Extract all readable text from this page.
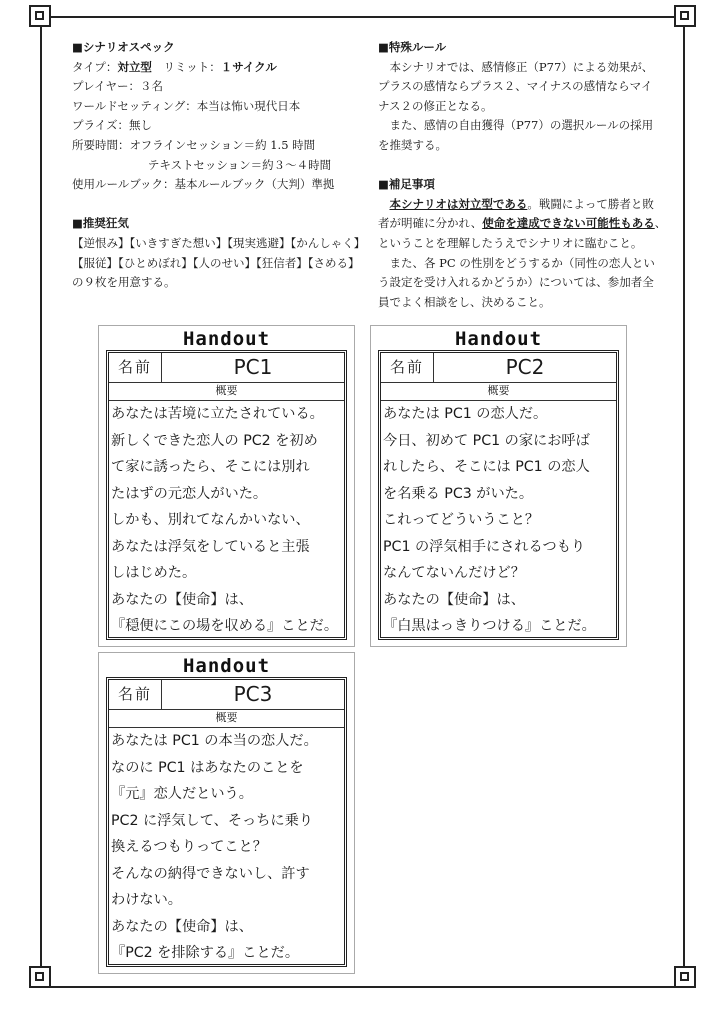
■シナリオスペック
タイプ：対立型　 リミット：１サイクル
プレイヤー：３名
ワールドセッティング：本当は怖い現代日本
プライズ：無し
所要時間：オフラインセッション＝約 1.5 時間
テキストセッション＝約３～４時間
使用ルールブック：基本ルールブック（大判）準拠
■推奨狂気
【逆恨み】【いきすぎた想い】【現実逃避】【かんしゃく】
【服従】【ひとめぼれ】【人のせい】【狂信者】【さめる】
の９枚を用意する。
■特殊ルール
本シナリオでは、感情修正（P77）による効果が、
プラスの感情ならプラス２、マイナスの感情ならマイ
ナス２の修正となる。
また、感情の自由獲得（P77）の選択ルールの採用
を推奨する。
■補足事項
本シナリオは対立型である。戦闘によって勝者と敗
者が明確に分かれ、使命を達成できない可能性もある、
ということを理解したうえでシナリオに臨むこと。
また、各 PC の性別をどうするか（同性の恋人とい
う設定を受け入れるかどうか）については、参加者全
員でよく相談をし、決めること。
Handout
名前	PC1
概要
あなたは苦境に立たされている。
新しくできた恋人の PC2 を初め
て家に誘ったら、そこには別れ
たはずの元恋人がいた。
しかも、別れてなんかいない、
あなたは浮気をしていると主張
しはじめた。
あなたの【使命】は、
『穏便にこの場を収める』ことだ。
Handout
名前	PC2
概要
あなたは PC1 の恋人だ。
今日、初めて PC1 の家にお呼ば
れしたら、そこには PC1 の恋人
を名乗る PC3 がいた。
これってどういうこと？
PC1 の浮気相手にされるつもり
なんてないんだけど？
あなたの【使命】は、
『白黒はっきりつける』ことだ。
Handout
名前	PC3
概要
あなたは PC1 の本当の恋人だ。
なのに PC1 はあなたのことを
『元』恋人だという。
PC2 に浮気して、そっちに乗り
換えるつもりってこと？
そんなの納得できないし、許す
わけない。
あなたの【使命】は、
『PC2 を排除する』ことだ。
